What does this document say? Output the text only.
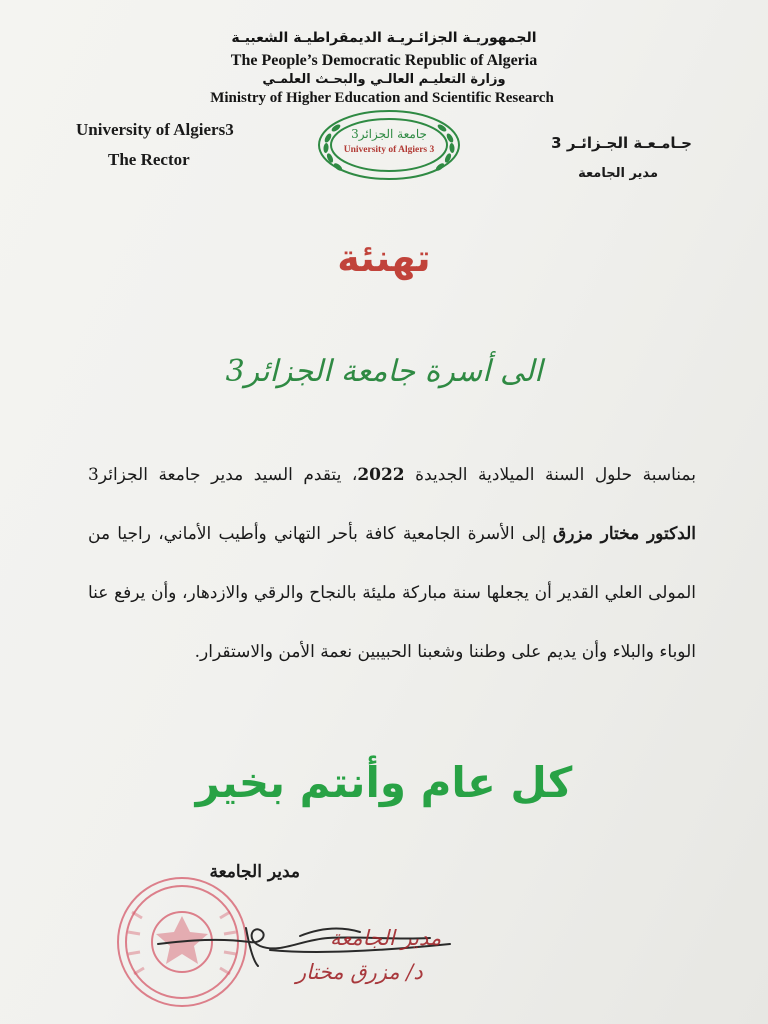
الجمهوريـة الجزائـريـة الديمقراطيـة الشعبيـة
The People’s Democratic Republic of Algeria
وزارة التعليـم العالـي والبحـث العلمـي
Ministry of Higher Education and Scientific Research
University of Algiers3
The Rector
جـامـعـة الجـزائـر 3
مدير الجامعة
جامعة الجزائر3
University of Algiers 3
تهنئة
الى أسرة جامعة الجزائر3
بمناسبة حلول السنة الميلادية الجديدة 2022، يتقدم السيد مدير جامعة الجزائر3 الدكتور مختار مزرق إلى الأسرة الجامعية كافة بأحر التهاني وأطيب الأماني، راجيا من المولى العلي القدير أن يجعلها سنة مباركة مليئة بالنجاح والرقي والازدهار، وأن يرفع عنا الوباء والبلاء وأن يديم على وطننا وشعبنا الحبيبين نعمة الأمن والاستقرار.
كل عام وأنتم بخير
مدير الجامعة
مدير الجامعة
د/ مزرق مختار
